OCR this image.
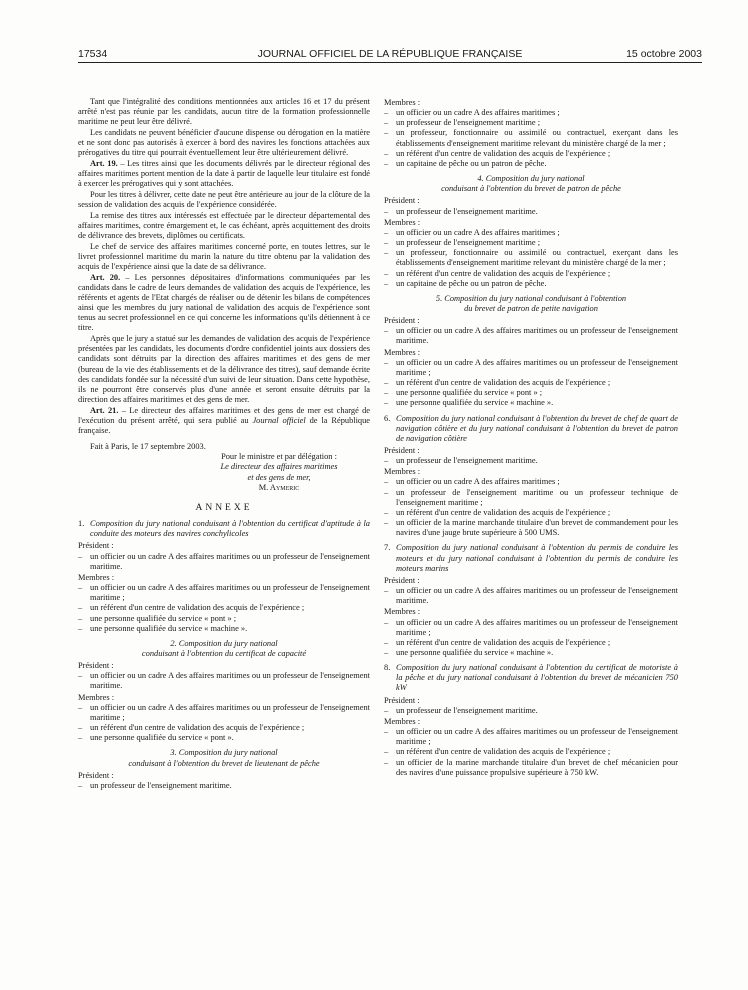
17534	JOURNAL OFFICIEL DE LA RÉPUBLIQUE FRANÇAISE	15 octobre 2003

Tant que l'intégralité des conditions mentionnées aux articles 16 et 17 du présent arrêté n'est pas réunie par les candidats, aucun titre de la formation professionnelle maritime ne peut leur être délivré.

Les candidats ne peuvent bénéficier d'aucune dispense ou dérogation en la matière et ne sont donc pas autorisés à exercer à bord des navires les fonctions attachées aux prérogatives du titre qui pourrait éventuellement leur être ultérieurement délivré.

Art. 19. – Les titres ainsi que les documents délivrés par le directeur régional des affaires maritimes portent mention de la date à partir de laquelle leur titulaire est fondé à exercer les prérogatives qui y sont attachées.

Pour les titres à délivrer, cette date ne peut être antérieure au jour de la clôture de la session de validation des acquis de l'expérience considérée.

La remise des titres aux intéressés est effectuée par le directeur départemental des affaires maritimes, contre émargement et, le cas échéant, après acquittement des droits de délivrance des brevets, diplômes ou certificats.

Le chef de service des affaires maritimes concerné porte, en toutes lettres, sur le livret professionnel maritime du marin la nature du titre obtenu par la validation des acquis de l'expérience ainsi que la date de sa délivrance.

Art. 20. – Les personnes dépositaires d'informations communiquées par les candidats dans le cadre de leurs demandes de validation des acquis de l'expérience, les référents et agents de l'Etat chargés de réaliser ou de détenir les bilans de compétences ainsi que les membres du jury national de validation des acquis de l'expérience sont tenus au secret professionnel en ce qui concerne les informations qu'ils détiennent à ce titre.

Après que le jury a statué sur les demandes de validation des acquis de l'expérience présentées par les candidats, les documents d'ordre confidentiel joints aux dossiers des candidats sont détruits par la direction des affaires maritimes et des gens de mer (bureau de la vie des établissements et de la délivrance des titres), sauf demande écrite des candidats fondée sur la nécessité d'un suivi de leur situation. Dans cette hypothèse, ils ne pourront être conservés plus d'une année et seront ensuite détruits par la direction des affaires maritimes et des gens de mer.

Art. 21. – Le directeur des affaires maritimes et des gens de mer est chargé de l'exécution du présent arrêté, qui sera publié au Journal officiel de la République française.

Fait à Paris, le 17 septembre 2003.

Pour le ministre et par délégation :
Le directeur des affaires maritimes
et des gens de mer,
M. Aymeric
ANNEXE
1. Composition du jury national conduisant à l'obtention du certificat d'aptitude à la conduite des moteurs des navires conchylicoles
Président :
– un officier ou un cadre A des affaires maritimes ou un professeur de l'enseignement maritime.
Membres :
– un officier ou un cadre A des affaires maritimes ou un professeur de l'enseignement maritime ;
– un référent d'un centre de validation des acquis de l'expérience ;
– une personne qualifiée du service « pont » ;
– une personne qualifiée du service « machine ».
2. Composition du jury national
conduisant à l'obtention du certificat de capacité
Président :
– un officier ou un cadre A des affaires maritimes ou un professeur de l'enseignement maritime.
Membres :
– un officier ou un cadre A des affaires maritimes ou un professeur de l'enseignement maritime ;
– un référent d'un centre de validation des acquis de l'expérience ;
– une personne qualifiée du service « pont ».
3. Composition du jury national
conduisant à l'obtention du brevet de lieutenant de pêche
Président :
– un professeur de l'enseignement maritime.
Membres :
– un officier ou un cadre A des affaires maritimes ;
– un professeur de l'enseignement maritime ;
– un professeur, fonctionnaire ou assimilé ou contractuel, exerçant dans les établissements d'enseignement maritime relevant du ministère chargé de la mer ;
– un référent d'un centre de validation des acquis de l'expérience ;
– un capitaine de pêche ou un patron de pêche.
4. Composition du jury national
conduisant à l'obtention du brevet de patron de pêche
Président :
– un professeur de l'enseignement maritime.
Membres :
– un officier ou un cadre A des affaires maritimes ;
– un professeur de l'enseignement maritime ;
– un professeur, fonctionnaire ou assimilé ou contractuel, exerçant dans les établissements d'enseignement maritime relevant du ministère chargé de la mer ;
– un référent d'un centre de validation des acquis de l'expérience ;
– un capitaine de pêche ou un patron de pêche.
5. Composition du jury national conduisant à l'obtention
du brevet de patron de petite navigation
Président :
– un officier ou un cadre A des affaires maritimes ou un professeur de l'enseignement maritime.
Membres :
– un officier ou un cadre A des affaires maritimes ou un professeur de l'enseignement maritime ;
– un référent d'un centre de validation des acquis de l'expérience ;
– une personne qualifiée du service « pont » ;
– une personne qualifiée du service « machine ».
6. Composition du jury national conduisant à l'obtention du brevet de chef de quart de navigation côtière et du jury national conduisant à l'obtention du brevet de patron de navigation côtière
Président :
– un professeur de l'enseignement maritime.
Membres :
– un officier ou un cadre A des affaires maritimes ;
– un professeur de l'enseignement maritime ou un professeur technique de l'enseignement maritime ;
– un référent d'un centre de validation des acquis de l'expérience ;
– un officier de la marine marchande titulaire d'un brevet de commandement pour les navires d'une jauge brute supérieure à 500 UMS.
7. Composition du jury national conduisant à l'obtention du permis de conduire les moteurs et du jury national conduisant à l'obtention du permis de conduire les moteurs marins
Président :
– un officier ou un cadre A des affaires maritimes ou un professeur de l'enseignement maritime.
Membres :
– un officier ou un cadre A des affaires maritimes ou un professeur de l'enseignement maritime ;
– un référent d'un centre de validation des acquis de l'expérience ;
– une personne qualifiée du service « machine ».
8. Composition du jury national conduisant à l'obtention du certificat de motoriste à la pêche et du jury national conduisant à l'obtention du brevet de mécanicien 750 kW
Président :
– un professeur de l'enseignement maritime.
Membres :
– un officier ou un cadre A des affaires maritimes ou un professeur de l'enseignement maritime ;
– un référent d'un centre de validation des acquis de l'expérience ;
– un officier de la marine marchande titulaire d'un brevet de chef mécanicien pour des navires d'une puissance propulsive supérieure à 750 kW.
